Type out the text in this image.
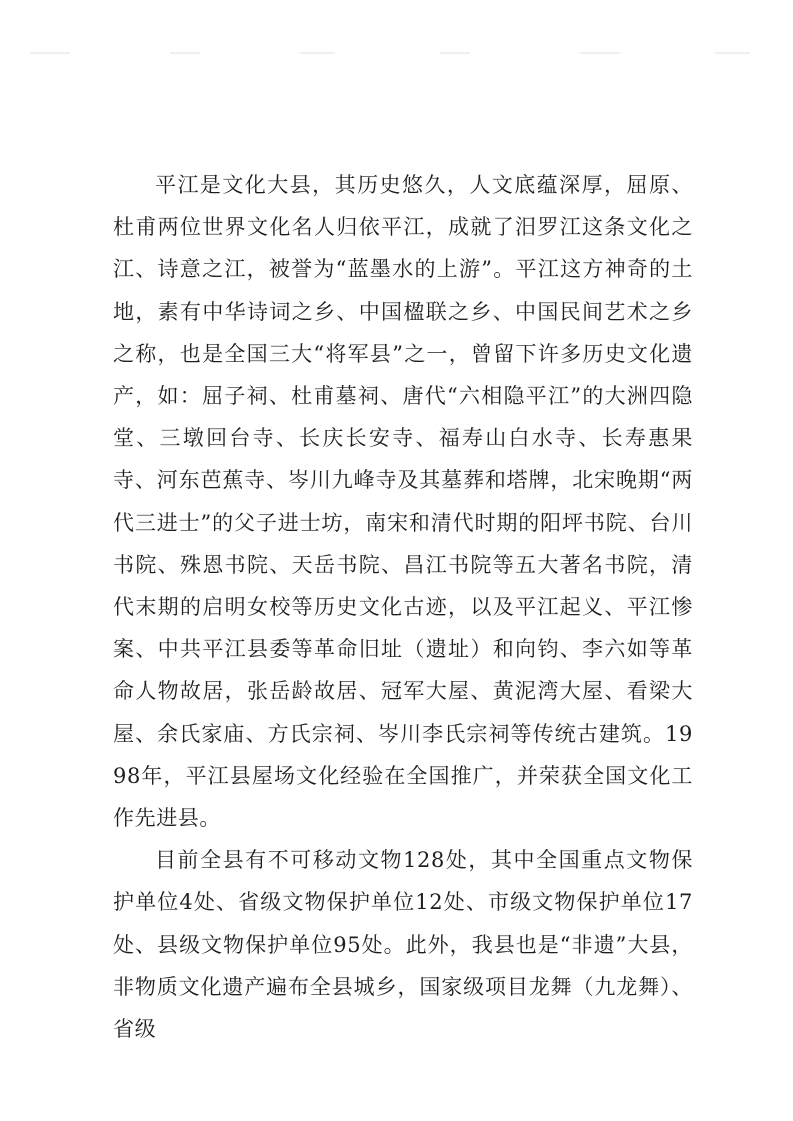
平江是文化大县，其历史悠久，人文底蕴深厚，屈原、杜甫两位世界文化名人归依平江，成就了汨罗江这条文化之江、诗意之江，被誉为“蓝墨水的上游”。平江这方神奇的土地，素有中华诗词之乡、中国楹联之乡、中国民间艺术之乡之称，也是全国三大“将军县”之一，曾留下许多历史文化遗产，如：屈子祠、杜甫墓祠、唐代“六相隐平江”的大洲四隐堂、三墩回台寺、长庆长安寺、福寿山白水寺、长寿惠果寺、河东芭蕉寺、岑川九峰寺及其墓葬和塔牌，北宋晚期“两代三进士”的父子进士坊，南宋和清代时期的阳坪书院、台川书院、殊恩书院、天岳书院、昌江书院等五大著名书院，清代末期的启明女校等历史文化古迹，以及平江起义、平江惨案、中共平江县委等革命旧址（遗址）和向钧、李六如等革命人物故居，张岳龄故居、冠军大屋、黄泥湾大屋、看梁大屋、余氏家庙、方氏宗祠、岑川李氏宗祠等传统古建筑。1998年，平江县屋场文化经验在全国推广，并荣获全国文化工作先进县。

目前全县有不可移动文物128处，其中全国重点文物保护单位4处、省级文物保护单位12处、市级文物保护单位17处、县级文物保护单位95处。此外，我县也是“非遗”大县，非物质文化遗产遍布全县城乡，国家级项目龙舞（九龙舞）、省级
